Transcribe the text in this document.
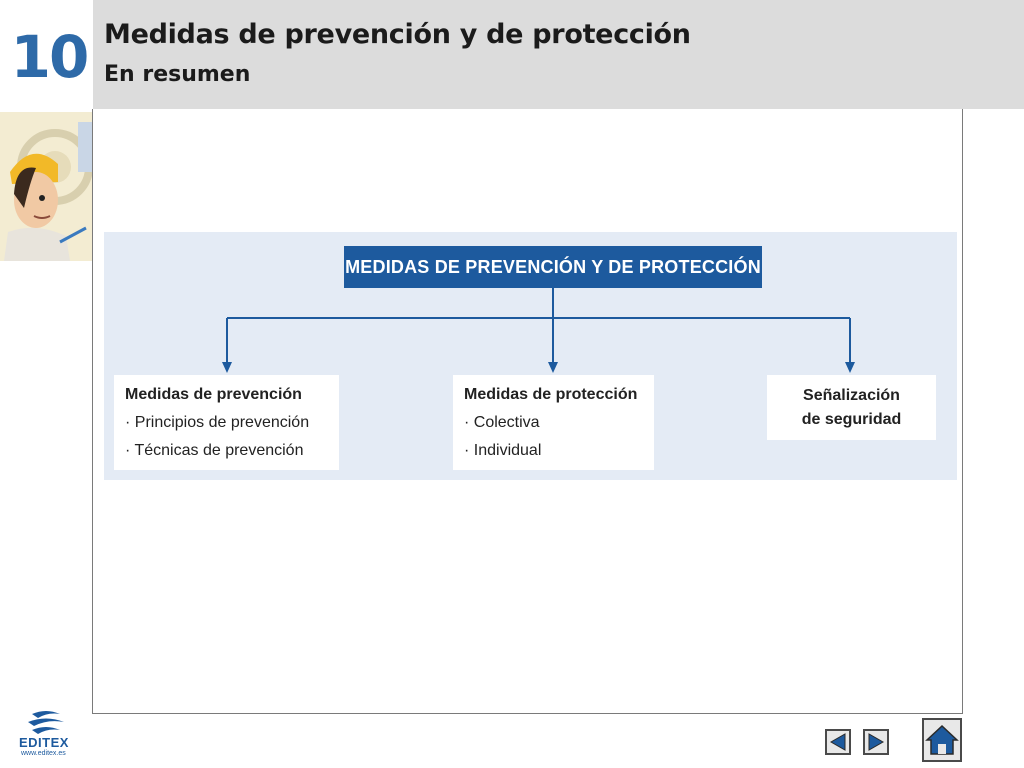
10 Medidas de prevención y de protección
En resumen
MEDIDAS DE PREVENCIÓN Y DE PROTECCIÓN
Medidas de prevención
· Principios de prevención
· Técnicas de prevención
Medidas de protección
· Colectiva
· Individual
Señalización
de seguridad
EDITEX
www.editex.es
